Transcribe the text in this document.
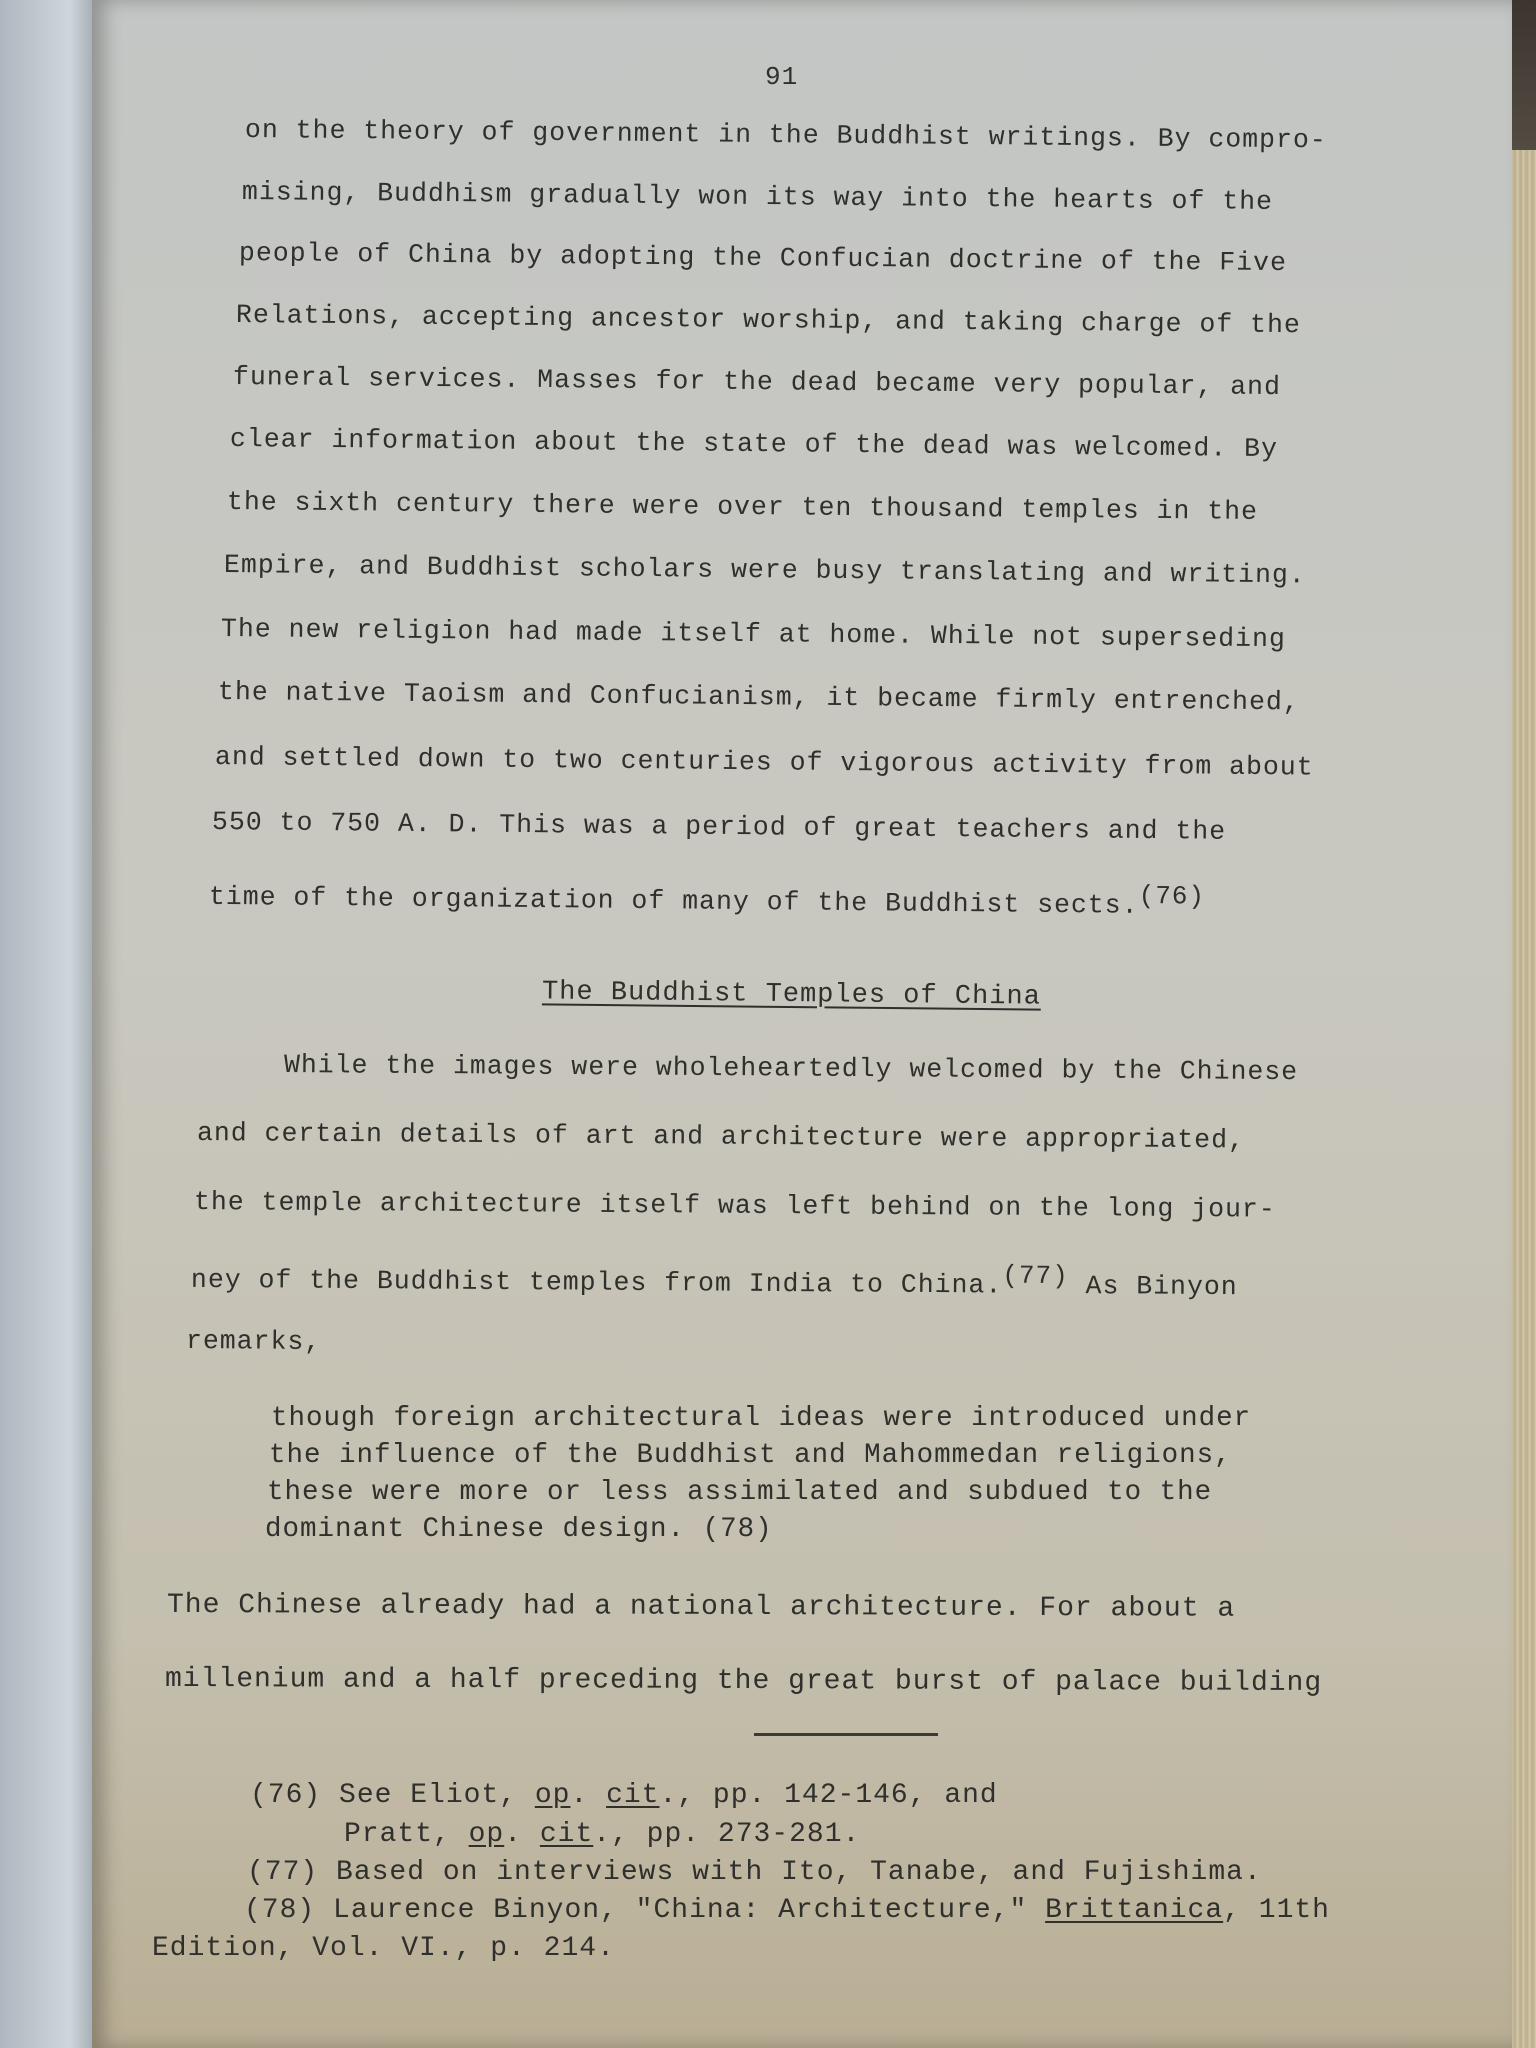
91
on the theory of government in the Buddhist writings. By compro-
mising, Buddhism gradually won its way into the hearts of the
people of China by adopting the Confucian doctrine of the Five
Relations, accepting ancestor worship, and taking charge of the
funeral services. Masses for the dead became very popular, and
clear information about the state of the dead was welcomed. By
the sixth century there were over ten thousand temples in the
Empire, and Buddhist scholars were busy translating and writing.
The new religion had made itself at home. While not superseding
the native Taoism and Confucianism, it became firmly entrenched,
and settled down to two centuries of vigorous activity from about
550 to 750 A. D. This was a period of great teachers and the
time of the organization of many of the Buddhist sects.$^{(76)}$
The Buddhist Temples of China
While the images were wholeheartedly welcomed by the Chinese
and certain details of art and architecture were appropriated,
the temple architecture itself was left behind on the long jour-
ney of the Buddhist temples from India to China.$^{(77)}$ As Binyon
remarks,
though foreign architectural ideas were introduced under
the influence of the Buddhist and Mahommedan religions,
these were more or less assimilated and subdued to the
dominant Chinese design. (78)
The Chinese already had a national architecture. For about a
millenium and a half preceding the great burst of palace building
(76) See Eliot, op. cit., pp. 142-146, and
Pratt, op. cit., pp. 273-281.
(77) Based on interviews with Ito, Tanabe, and Fujishima.
(78) Laurence Binyon, "China: Architecture," Brittanica, 11th
Edition, Vol. VI., p. 214.
